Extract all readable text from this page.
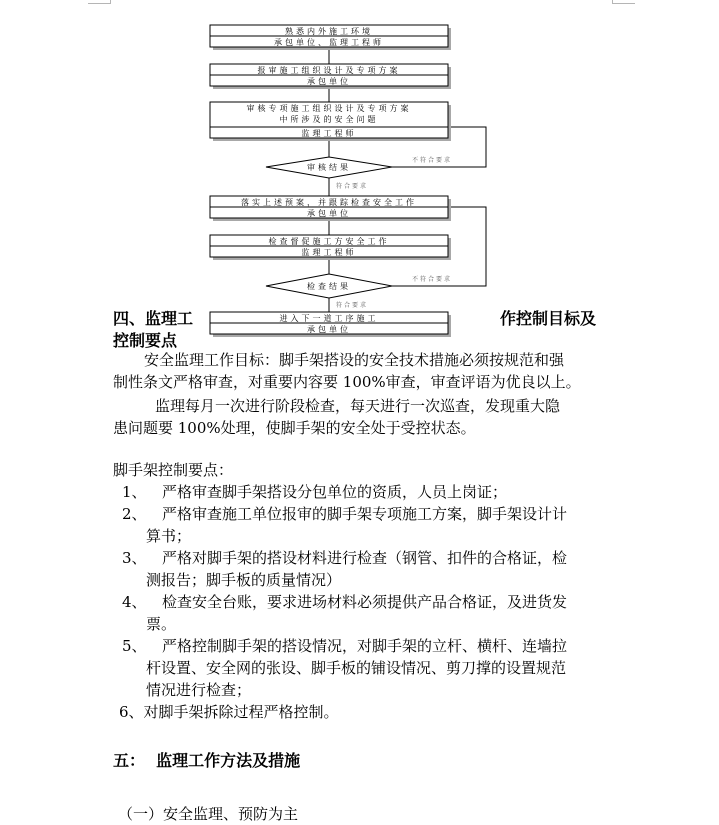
熟悉内外施工环境
承包单位、监理工程师
报审施工组织设计及专项方案
承包单位
审核专项施工组织设计及专项方案
中所涉及的安全问题
监理工程师
审核结果
不符合要求
符合要求
落实上述预案，并跟踪检查安全工作
承包单位
检查督促施工方安全工作
监理工程师
检查结果
不符合要求
符合要求
进入下一道工序施工
承包单位
四、监理工	作控制目标及
控制要点
安全监理工作目标：脚手架搭设的安全技术措施必须按规范和强
制性条文严格审查，对重要内容要 100%审查，审查评语为优良以上。
监理每月一次进行阶段检查，每天进行一次巡查，发现重大隐
患问题要 100%处理，使脚手架的安全处于受控状态。
脚手架控制要点：
1、 严格审查脚手架搭设分包单位的资质，人员上岗证；
2、 严格审查施工单位报审的脚手架专项施工方案，脚手架设计计
算书；
3、 严格对脚手架的搭设材料进行检查（钢管、扣件的合格证，检
测报告；脚手板的质量情况）
4、 检查安全台账，要求进场材料必须提供产品合格证，及进货发
票。
5、 严格控制脚手架的搭设情况，对脚手架的立杆、横杆、连墙拉
杆设置、安全网的张设、脚手板的铺设情况、剪刀撑的设置规范
情况进行检查；
6、对脚手架拆除过程严格控制。
五：  监理工作方法及措施
（一）安全监理、预防为主
